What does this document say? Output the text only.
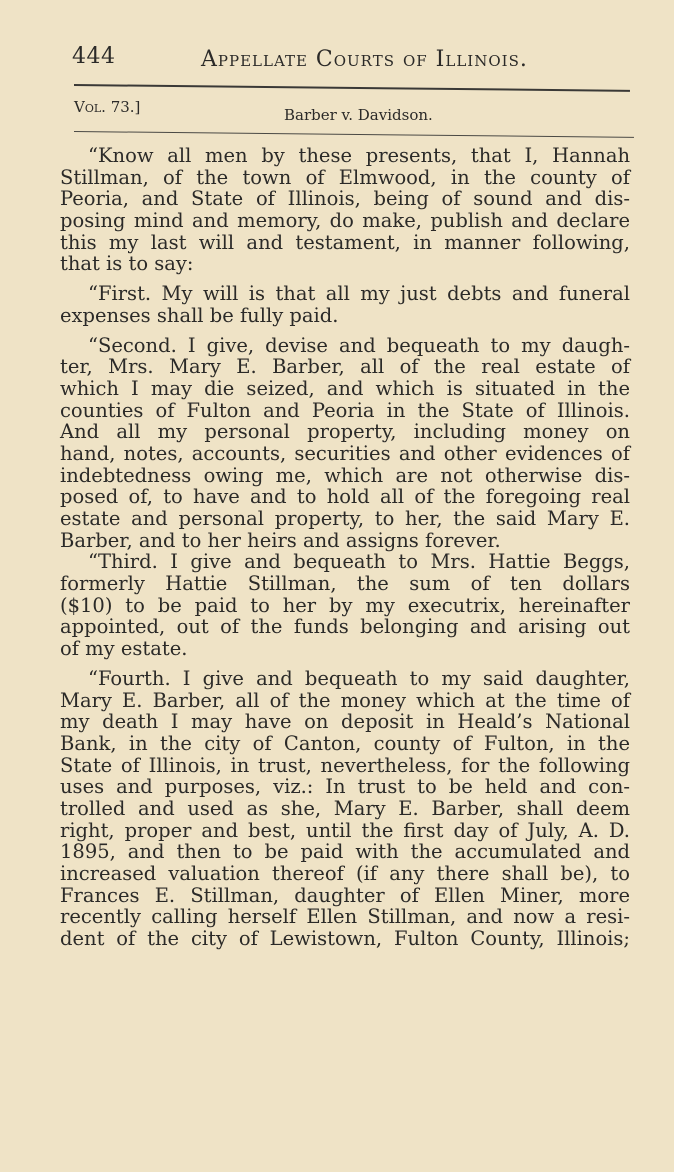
444	Appellate Courts of Illinois.
Vol. 73.]	Barber v. Davidson.
“Know all men by these presents, that I, Hannah
Stillman, of the town of Elmwood, in the county of
Peoria, and State of Illinois, being of sound and dis-
posing mind and memory, do make, publish and declare
this my last will and testament, in manner following,
that is to say:
“First. My will is that all my just debts and funeral
expenses shall be fully paid.
“Second. I give, devise and bequeath to my daugh-
ter, Mrs. Mary E. Barber, all of the real estate of
which I may die seized, and which is situated in the
counties of Fulton and Peoria in the State of Illinois.
And all my personal property, including money on
hand, notes, accounts, securities and other evidences of
indebtedness owing me, which are not otherwise dis-
posed of, to have and to hold all of the foregoing real
estate and personal property, to her, the said Mary E.
Barber, and to her heirs and assigns forever.
“Third. I give and bequeath to Mrs. Hattie Beggs,
formerly Hattie Stillman, the sum of ten dollars
($10) to be paid to her by my executrix, hereinafter
appointed, out of the funds belonging and arising out
of my estate.
“Fourth. I give and bequeath to my said daughter,
Mary E. Barber, all of the money which at the time of
my death I may have on deposit in Heald’s National
Bank, in the city of Canton, county of Fulton, in the
State of Illinois, in trust, nevertheless, for the following
uses and purposes, viz.: In trust to be held and con-
trolled and used as she, Mary E. Barber, shall deem
right, proper and best, until the first day of July, A. D.
1895, and then to be paid with the accumulated and
increased valuation thereof (if any there shall be), to
Frances E. Stillman, daughter of Ellen Miner, more
recently calling herself Ellen Stillman, and now a resi-
dent of the city of Lewistown, Fulton County, Illinois;
